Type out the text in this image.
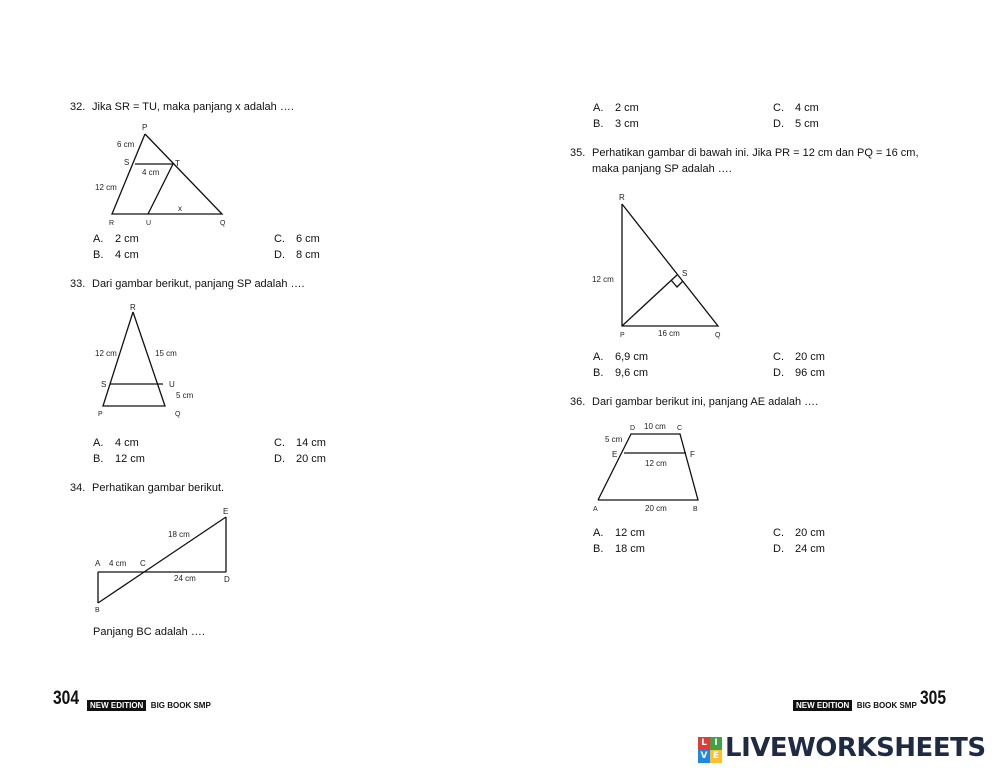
32. Jika SR = TU, maka panjang x adalah ….
P
S	T
R	U	Q
6 cm
4 cm
12 cm
x
A. 2 cm	C. 6 cm
B. 4 cm	D. 8 cm
33. Dari gambar berikut, panjang SP adalah ….
R
S	U
P	Q
12 cm	15 cm
5 cm
A. 4 cm	C. 14 cm
B. 12 cm	D. 20 cm
34. Perhatikan gambar berikut.
E
A	C
D
B
4 cm
18 cm
24 cm
Panjang BC adalah ….
304	NEW EDITION BIG BOOK SMP
A. 2 cm	C. 4 cm
B. 3 cm	D. 5 cm
35. Perhatikan gambar di bawah ini. Jika PR = 12 cm dan PQ = 16 cm,
maka panjang SP adalah ….
R
S
P	Q
12 cm
16 cm
A. 6,9 cm	C. 20 cm
B. 9,6 cm	D. 96 cm
36. Dari gambar berikut ini, panjang AE adalah ….
D	C
10 cm
5 cm
E	F
12 cm
A	B
20 cm
A. 12 cm	C. 20 cm
B. 18 cm	D. 24 cm
NEW EDITION BIG BOOK SMP 305
L I
V E LIVEWORKSHEETS
